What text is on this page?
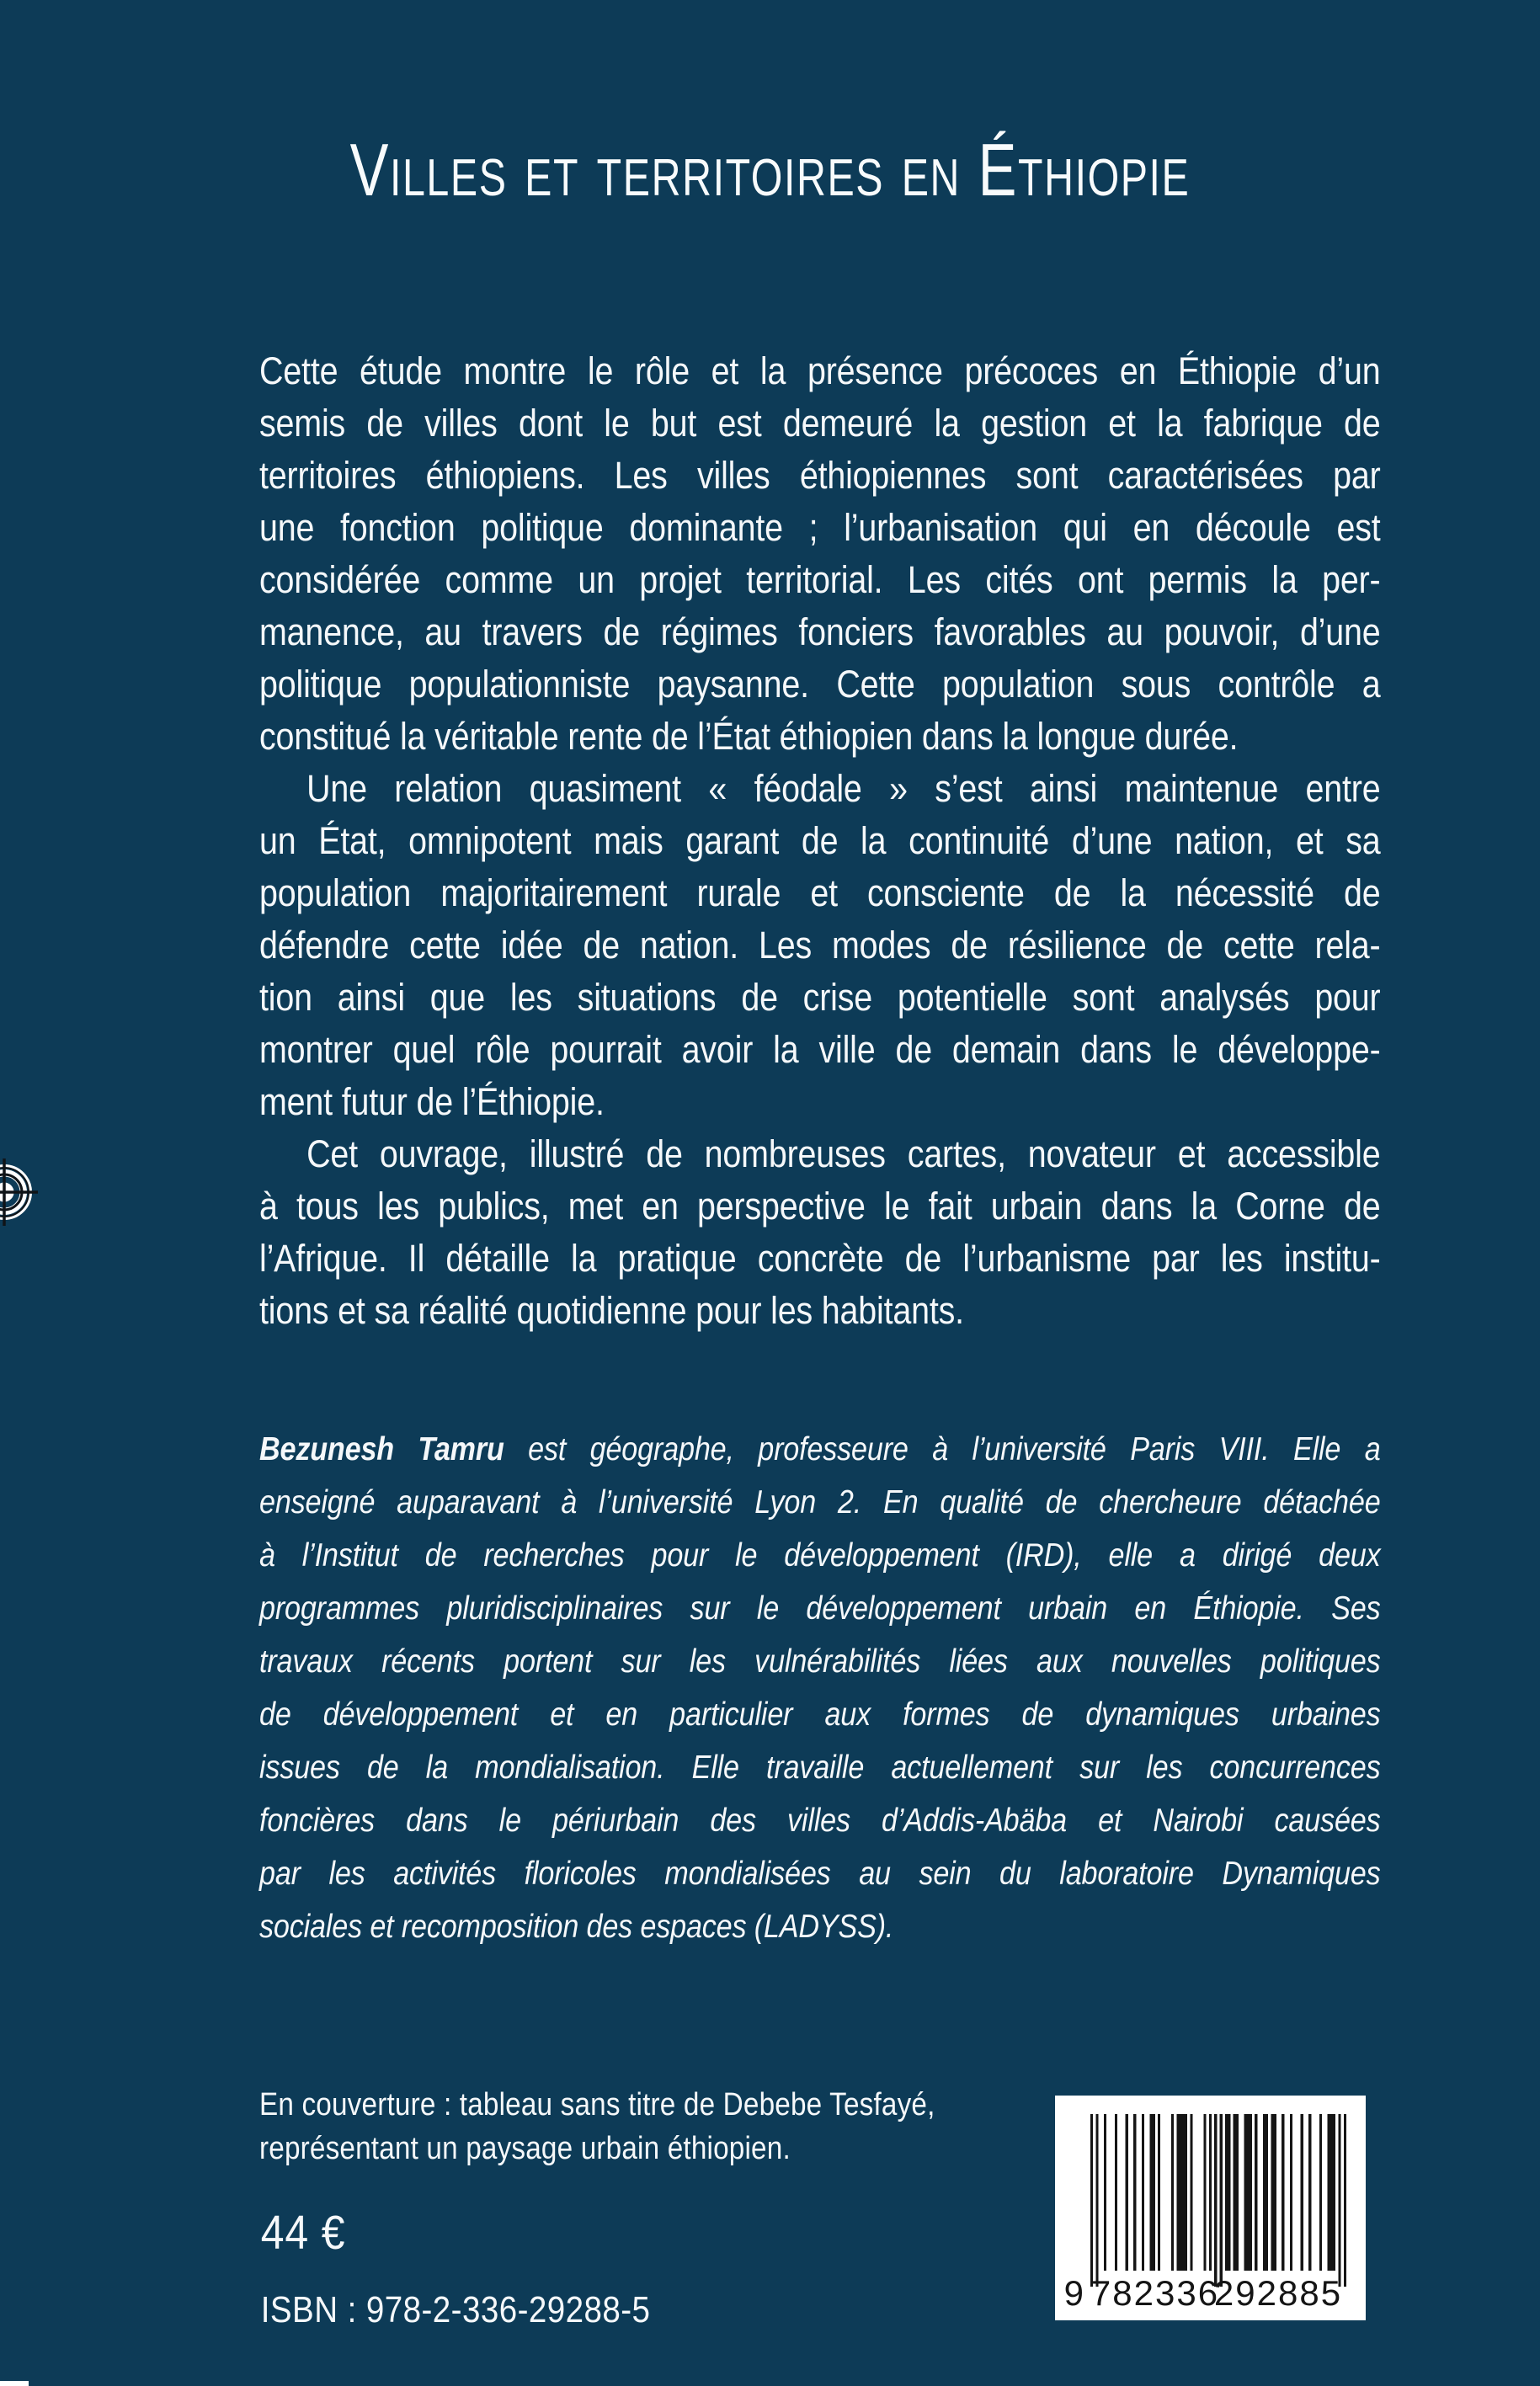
Villes et territoires en Éthiopie
Cette étude montre le rôle et la présence précoces en Éthiopie d’un
semis de villes dont le but est demeuré la gestion et la fabrique de
territoires éthiopiens. Les villes éthiopiennes sont caractérisées par
une fonction politique dominante ; l’urbanisation qui en découle est
considérée comme un projet territorial. Les cités ont permis la per-
manence, au travers de régimes fonciers favorables au pouvoir, d’une
politique populationniste paysanne. Cette population sous contrôle a
constitué la véritable rente de l’État éthiopien dans la longue durée.
Une relation quasiment « féodale » s’est ainsi maintenue entre
un État, omnipotent mais garant de la continuité d’une nation, et sa
population majoritairement rurale et consciente de la nécessité de
défendre cette idée de nation. Les modes de résilience de cette rela-
tion ainsi que les situations de crise potentielle sont analysés pour
montrer quel rôle pourrait avoir la ville de demain dans le développe-
ment futur de l’Éthiopie.
Cet ouvrage, illustré de nombreuses cartes, novateur et accessible
à tous les publics, met en perspective le fait urbain dans la Corne de
l’Afrique. Il détaille la pratique concrète de l’urbanisme par les institu-
tions et sa réalité quotidienne pour les habitants.
Bezunesh Tamru est géographe, professeure à l’université Paris VIII. Elle a
enseigné auparavant à l’université Lyon 2. En qualité de chercheure détachée
à l’Institut de recherches pour le développement (IRD), elle a dirigé deux
programmes pluridisciplinaires sur le développement urbain en Éthiopie. Ses
travaux récents portent sur les vulnérabilités liées aux nouvelles politiques
de développement et en particulier aux formes de dynamiques urbaines
issues de la mondialisation. Elle travaille actuellement sur les concurrences
foncières dans le périurbain des villes d’Addis-Abäba et Nairobi causées
par les activités floricoles mondialisées au sein du laboratoire Dynamiques
sociales et recomposition des espaces (LADYSS).
En couverture : tableau sans titre de Debebe Tesfayé,
représentant un paysage urbain éthiopien.
44 €
ISBN : 978-2-336-29288-5	9 782336
292885
